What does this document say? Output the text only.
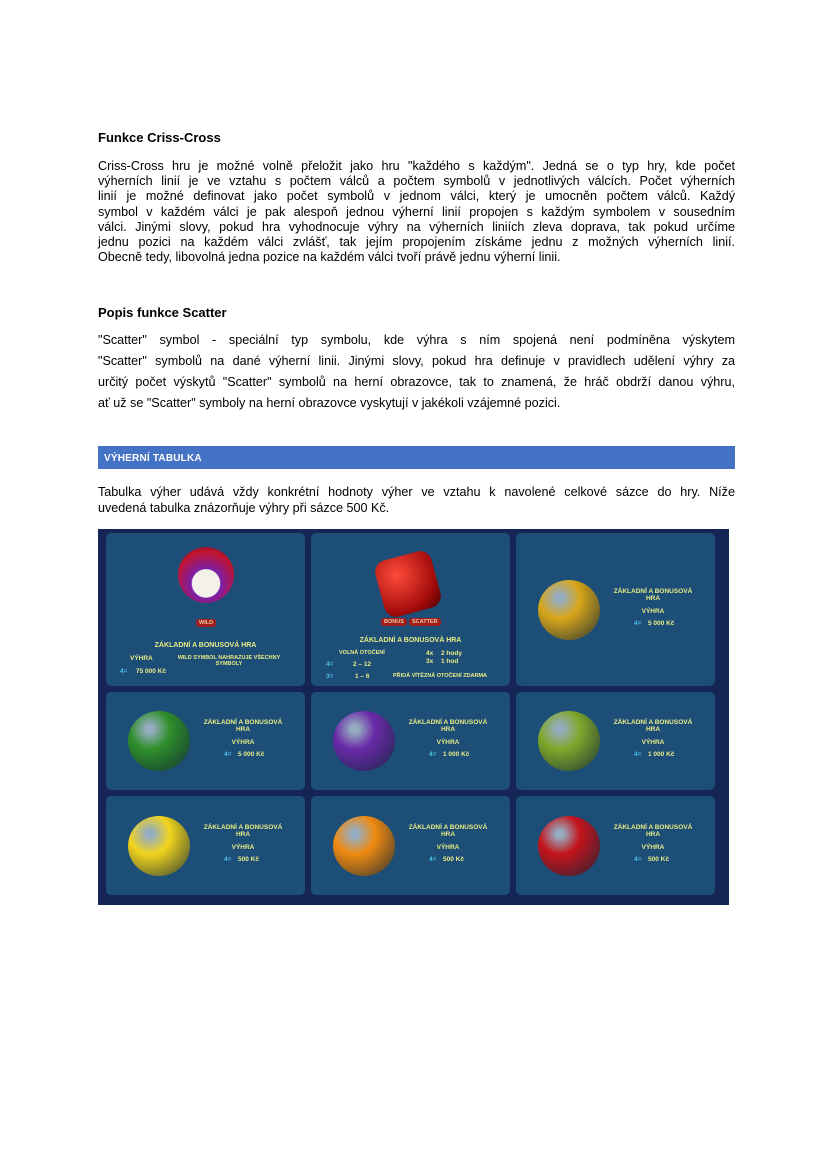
Funkce Criss-Cross
Criss-Cross hru je možné volně přeložit jako hru "každého s každým". Jedná se o typ hry, kde počet
výherních linií je ve vztahu s počtem válců a počtem symbolů v jednotlivých válcích. Počet výherních
linií je možné definovat jako počet symbolů v jednom válci, který je umocněn počtem válců. Každý
symbol v každém válci je pak alespoň jednou výherní linií propojen s každým symbolem v sousedním
válci. Jinými slovy, pokud hra vyhodnocuje výhry na výherních liniích zleva doprava, tak pokud určíme
jednu pozici na každém válci zvlášť, tak jejím propojením získáme jednu z možných výherních linií.
Obecně tedy, libovolná jedna pozice na každém válci tvoří právě jednu výherní linii.
Popis funkce Scatter
"Scatter" symbol - speciální typ symbolu, kde výhra s ním spojená není podmíněna výskytem
"Scatter" symbolů na dané výherní linii. Jinými slovy, pokud hra definuje v pravidlech udělení výhry za
určitý počet výskytů "Scatter" symbolů na herní obrazovce, tak to znamená, že hráč obdrží danou výhru,
ať už se "Scatter" symboly na herní obrazovce vyskytují v jakékoli vzájemné pozici.
VÝHERNÍ TABULKA
Tabulka výher udává vždy konkrétní hodnoty výher ve vztahu k navolené celkové sázce do hry. Níže
uvedená tabulka znázorňuje výhry při sázce 500 Kč.
WILD
ZÁKLADNÍ A BONUSOVÁ HRA
VÝHRA
4= 75 000 Kč
WILD SYMBOL NAHRAZUJE VŠECHNY SYMBOLY
BONUS	SCATTER
ZÁKLADNÍ A BONUSOVÁ HRA
VOLNÁ OTOČENÍ	4x 2 hody
3x 1 hod
4=	2 – 12
3=	1 – 6	PŘIDÁ VÍTĚZNÁ OTOČENÍ ZDARMA
ZÁKLADNÍ A BONUSOVÁ HRA
VÝHRA
4= 5 000 Kč
ZÁKLADNÍ A BONUSOVÁ HRA
VÝHRA
4= 5 000 Kč
ZÁKLADNÍ A BONUSOVÁ HRA
VÝHRA
4= 1 000 Kč
ZÁKLADNÍ A BONUSOVÁ HRA
VÝHRA
4= 1 000 Kč
ZÁKLADNÍ A BONUSOVÁ HRA
VÝHRA
4= 500 Kč
ZÁKLADNÍ A BONUSOVÁ HRA
VÝHRA
4= 500 Kč
ZÁKLADNÍ A BONUSOVÁ HRA
VÝHRA
4= 500 Kč
